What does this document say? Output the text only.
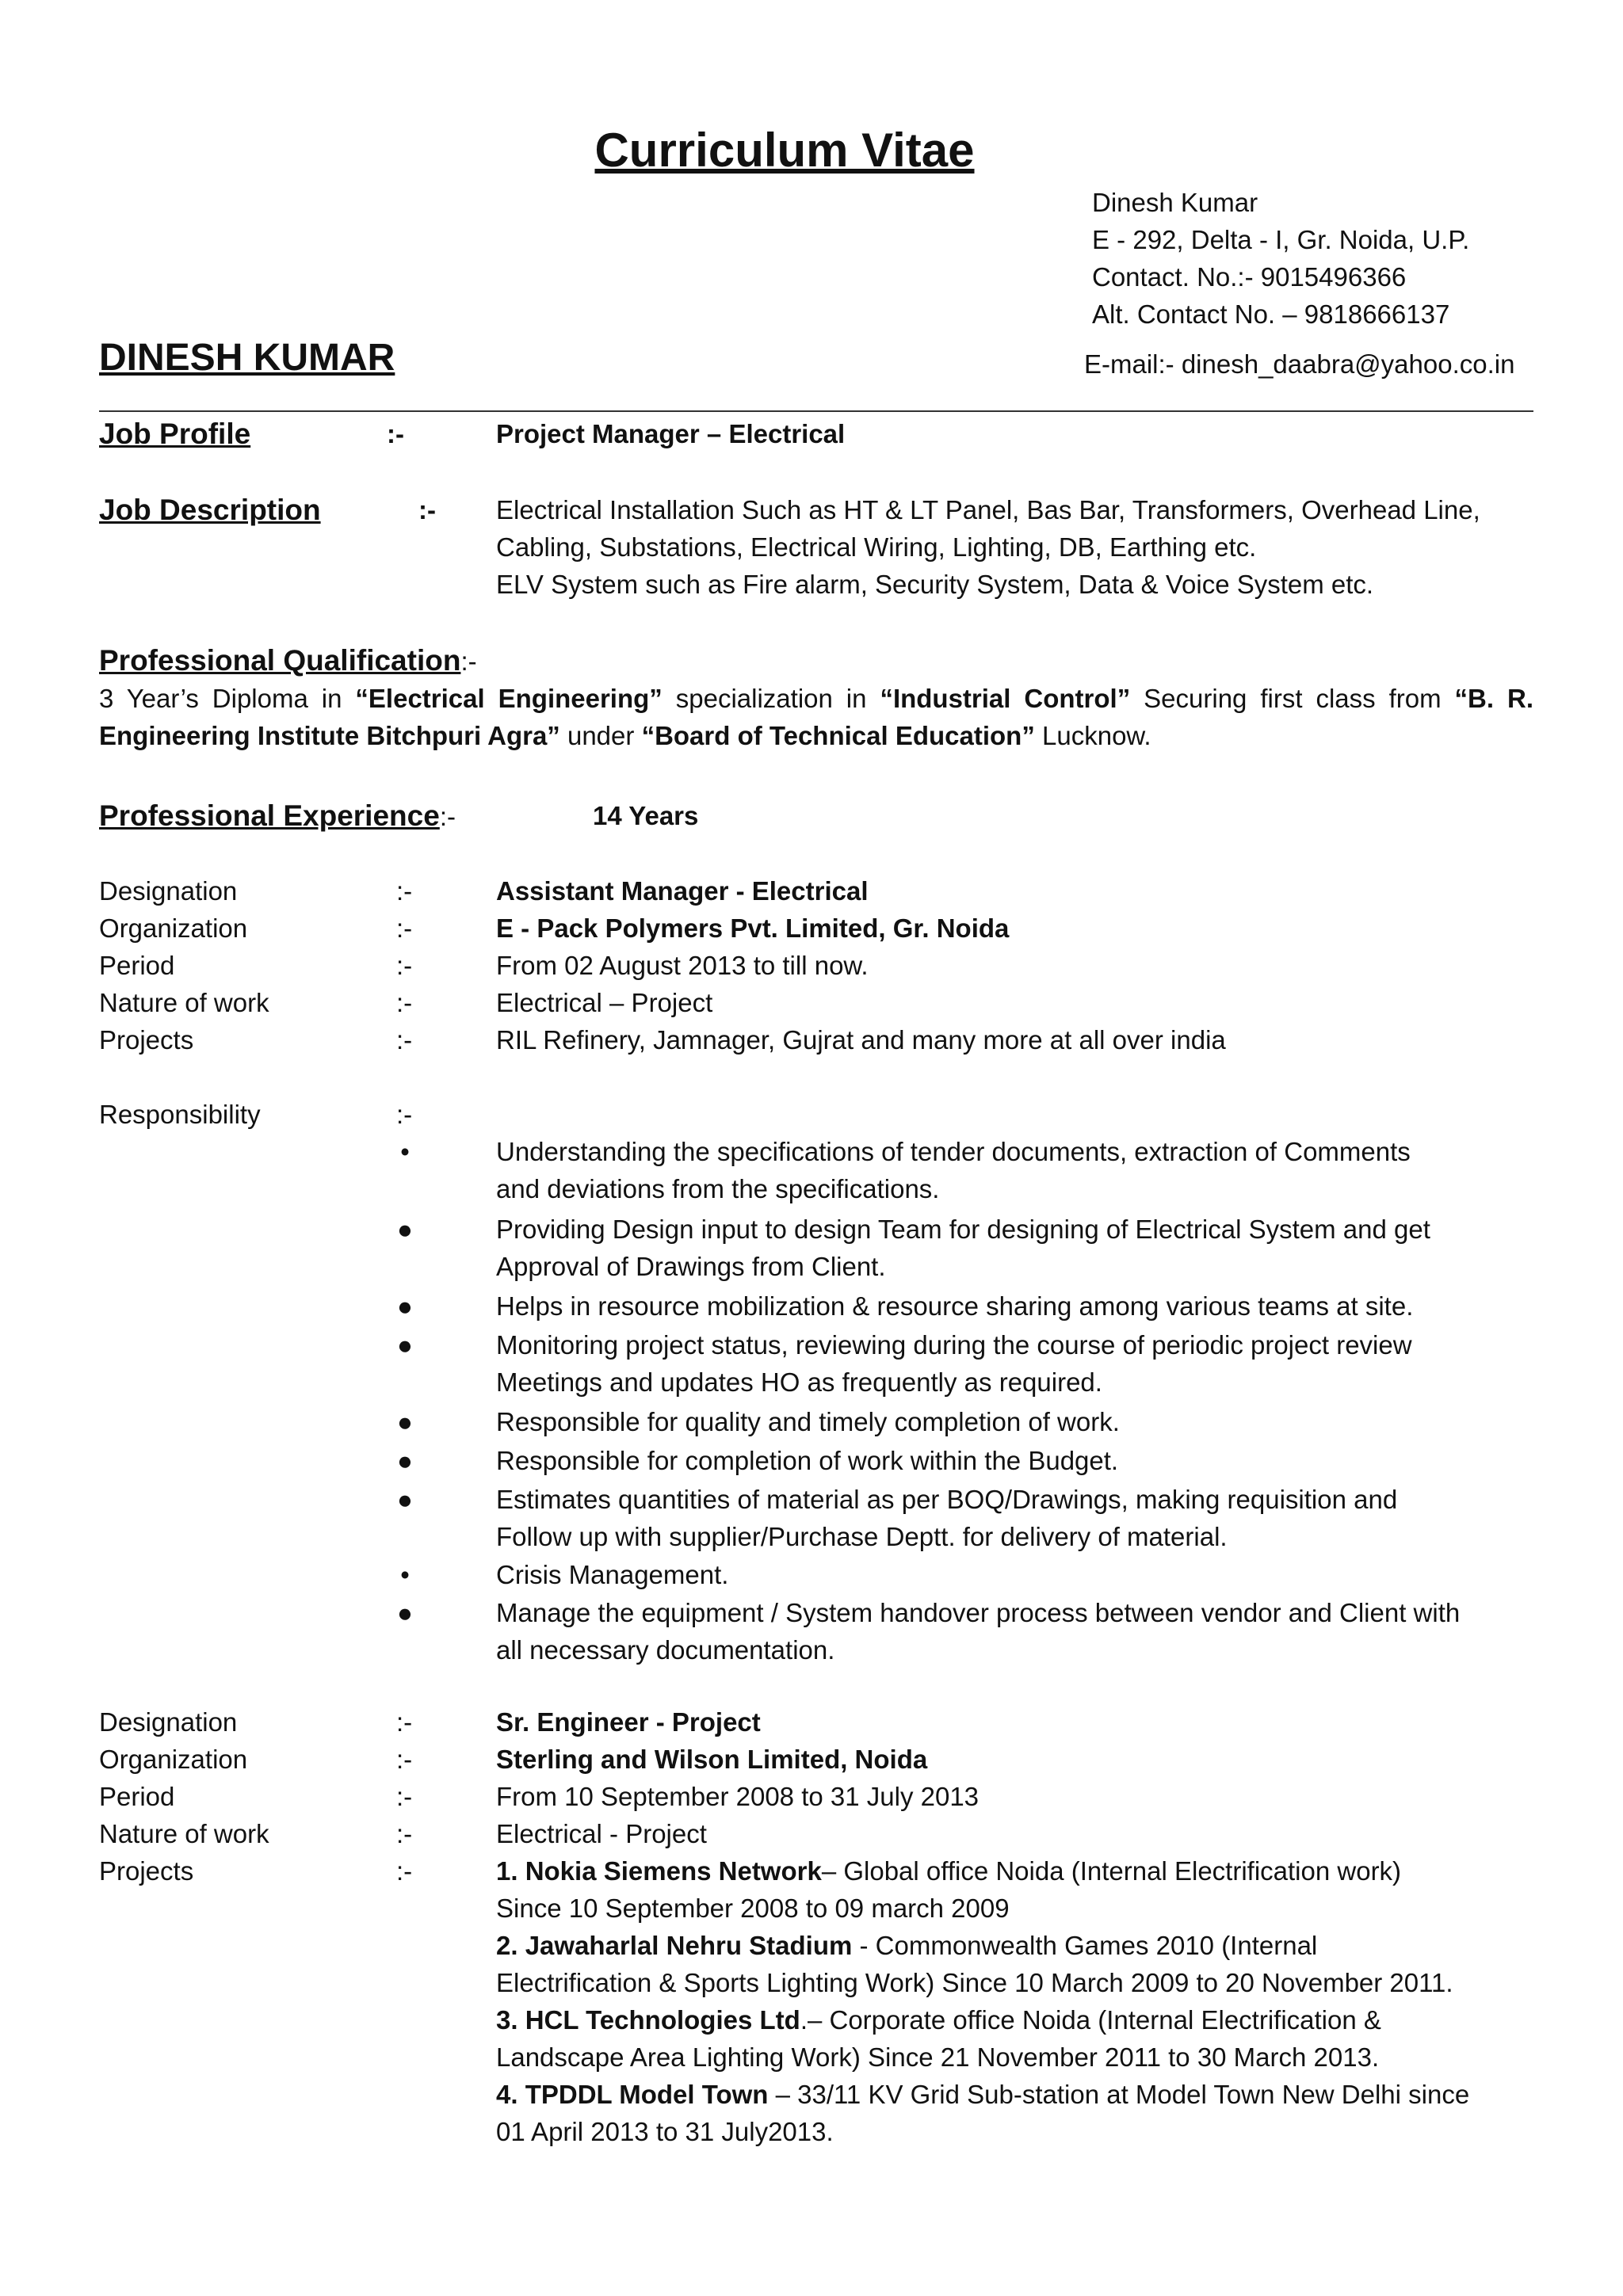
Curriculum Vitae
Dinesh Kumar
E - 292, Delta - I, Gr. Noida, U.P.
Contact. No.:- 9015496366
Alt. Contact No. – 9818666137
DINESH KUMAR	E-mail:- dinesh_daabra@yahoo.co.in
Job Profile	:-	Project Manager – Electrical
Job Description	:- Electrical Installation Such as HT & LT Panel, Bas Bar, Transformers, Overhead Line,
Cabling, Substations, Electrical Wiring, Lighting, DB, Earthing etc.
ELV System such as Fire alarm, Security System, Data & Voice System etc.
Professional Qualification:-
3 Year’s Diploma in “Electrical Engineering” specialization in “Industrial Control” Securing first class from “B. R.
Engineering Institute Bitchpuri Agra” under “Board of Technical Education” Lucknow.
Professional Experience:-	14 Years
Designation	:-	Assistant Manager - Electrical
Organization	:-	E - Pack Polymers Pvt. Limited, Gr. Noida
Period	:-	From 02 August 2013 to till now.
Nature of work	:-	Electrical – Project
Projects	:-	RIL Refinery, Jamnager, Gujrat and many more at all over india
Responsibility	:-
•	Understanding the specifications of tender documents, extraction of Comments
and deviations from the specifications.
●	Providing Design input to design Team for designing of Electrical System and get
Approval of Drawings from Client.
●	Helps in resource mobilization & resource sharing among various teams at site.
●	Monitoring project status, reviewing during the course of periodic project review
Meetings and updates HO as frequently as required.
●	Responsible for quality and timely completion of work.
●	Responsible for completion of work within the Budget.
●	Estimates quantities of material as per BOQ/Drawings, making requisition and
Follow up with supplier/Purchase Deptt. for delivery of material.
•	Crisis Management.
●	Manage the equipment / System handover process between vendor and Client with
all necessary documentation.
Designation	:-	Sr. Engineer - Project
Organization	:-	Sterling and Wilson Limited, Noida
Period	:-	From 10 September 2008 to 31 July 2013
Nature of work	:-	Electrical - Project
Projects	:-	1. Nokia Siemens Network– Global office Noida (Internal Electrification work)
Since 10 September 2008 to 09 march 2009
2. Jawaharlal Nehru Stadium - Commonwealth Games 2010 (Internal
Electrification & Sports Lighting Work) Since 10 March 2009 to 20 November 2011.
3. HCL Technologies Ltd.– Corporate office Noida (Internal Electrification &
Landscape Area Lighting Work) Since 21 November 2011 to 30 March 2013.
4. TPDDL Model Town – 33/11 KV Grid Sub-station at Model Town New Delhi since
01 April 2013 to 31 July2013.
